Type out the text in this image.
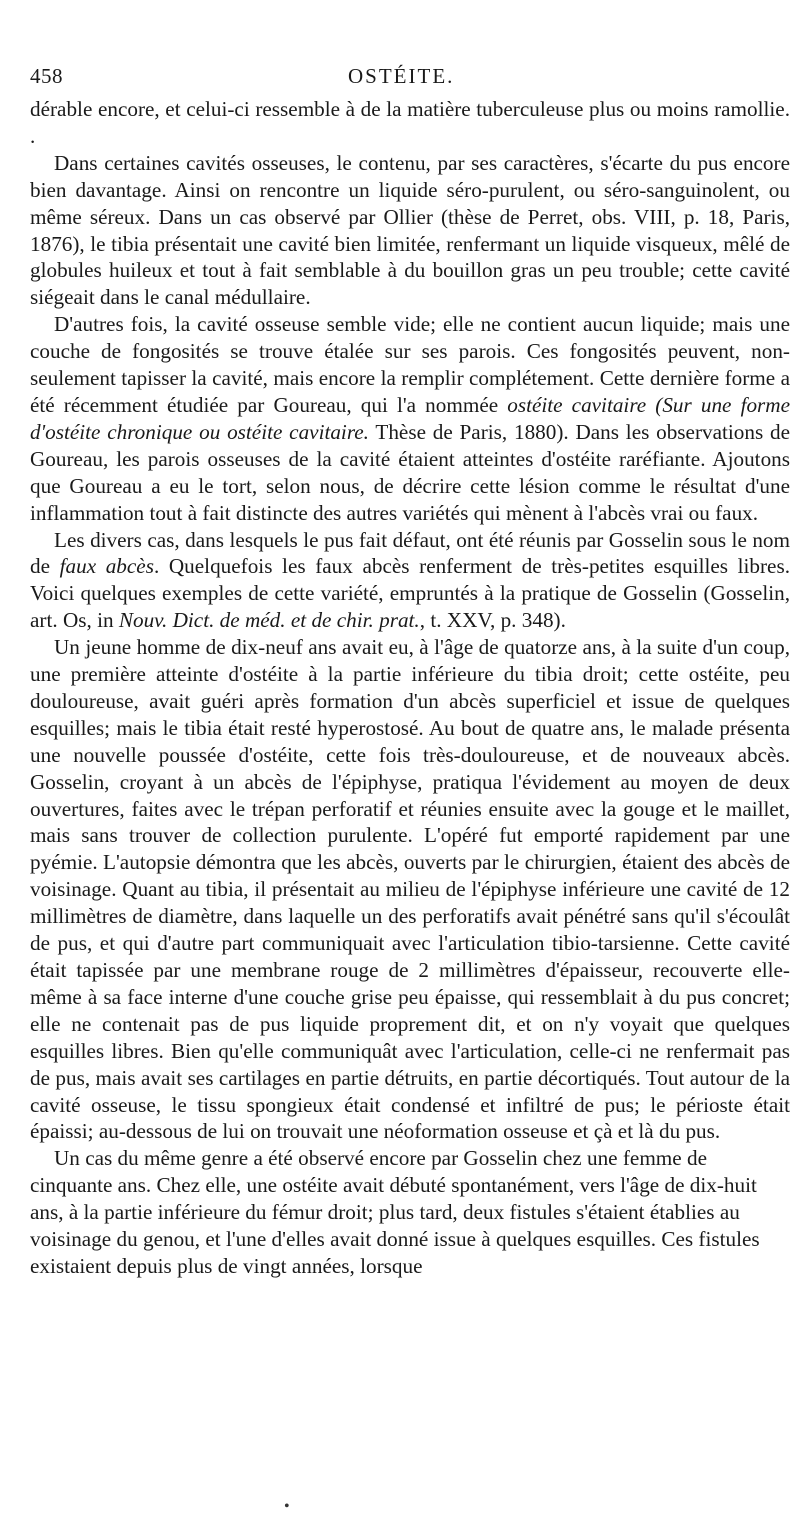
458	OSTÉITE.

dérable encore, et celui-ci ressemble à de la matière tuberculeuse plus ou moins ramollie. .

Dans certaines cavités osseuses, le contenu, par ses caractères, s'écarte du pus encore bien davantage. Ainsi on rencontre un liquide séro-purulent, ou séro-sanguinolent, ou même séreux. Dans un cas observé par Ollier (thèse de Perret, obs. VIII, p. 18, Paris, 1876), le tibia présentait une cavité bien limitée, renfermant un liquide visqueux, mêlé de globules huileux et tout à fait semblable à du bouillon gras un peu trouble; cette cavité siégeait dans le canal médullaire.

D'autres fois, la cavité osseuse semble vide; elle ne contient aucun liquide; mais une couche de fongosités se trouve étalée sur ses parois. Ces fongosités peuvent, non-seulement tapisser la cavité, mais encore la remplir complétement. Cette dernière forme a été récemment étudiée par Goureau, qui l'a nommée ostéite cavitaire (Sur une forme d'ostéite chronique ou ostéite cavitaire. Thèse de Paris, 1880). Dans les observations de Goureau, les parois osseuses de la cavité étaient atteintes d'ostéite raréfiante. Ajoutons que Goureau a eu le tort, selon nous, de décrire cette lésion comme le résultat d'une inflammation tout à fait distincte des autres variétés qui mènent à l'abcès vrai ou faux.

Les divers cas, dans lesquels le pus fait défaut, ont été réunis par Gosselin sous le nom de faux abcès. Quelquefois les faux abcès renferment de très-petites esquilles libres. Voici quelques exemples de cette variété, empruntés à la pratique de Gosselin (Gosselin, art. Os, in Nouv. Dict. de méd. et de chir. prat., t. XXV, p. 348).

Un jeune homme de dix-neuf ans avait eu, à l'âge de quatorze ans, à la suite d'un coup, une première atteinte d'ostéite à la partie inférieure du tibia droit; cette ostéite, peu douloureuse, avait guéri après formation d'un abcès superficiel et issue de quelques esquilles; mais le tibia était resté hyperostosé. Au bout de quatre ans, le malade présenta une nouvelle poussée d'ostéite, cette fois très-douloureuse, et de nouveaux abcès. Gosselin, croyant à un abcès de l'épiphyse, pratiqua l'évidement au moyen de deux ouvertures, faites avec le trépan perforatif et réunies ensuite avec la gouge et le maillet, mais sans trouver de collection purulente. L'opéré fut emporté rapidement par une pyémie. L'autopsie démontra que les abcès, ouverts par le chirurgien, étaient des abcès de voisinage. Quant au tibia, il présentait au milieu de l'épiphyse inférieure une cavité de 12 millimètres de diamètre, dans laquelle un des perforatifs avait pénétré sans qu'il s'écoulât de pus, et qui d'autre part communiquait avec l'articulation tibio-tarsienne. Cette cavité était tapissée par une membrane rouge de 2 millimètres d'épaisseur, recouverte elle-même à sa face interne d'une couche grise peu épaisse, qui ressemblait à du pus concret; elle ne contenait pas de pus liquide proprement dit, et on n'y voyait que quelques esquilles libres. Bien qu'elle communiquât avec l'articulation, celle-ci ne renfermait pas de pus, mais avait ses cartilages en partie détruits, en partie décortiqués. Tout autour de la cavité osseuse, le tissu spongieux était condensé et infiltré de pus; le périoste était épaissi; au-dessous de lui on trouvait une néoformation osseuse et çà et là du pus.

Un cas du même genre a été observé encore par Gosselin chez une femme de cinquante ans. Chez elle, une ostéite avait débuté spontanément, vers l'âge de dix-huit ans, à la partie inférieure du fémur droit; plus tard, deux fistules s'étaient établies au voisinage du genou, et l'une d'elles avait donné issue à quelques esquilles. Ces fistules existaient depuis plus de vingt années, lorsque

•
